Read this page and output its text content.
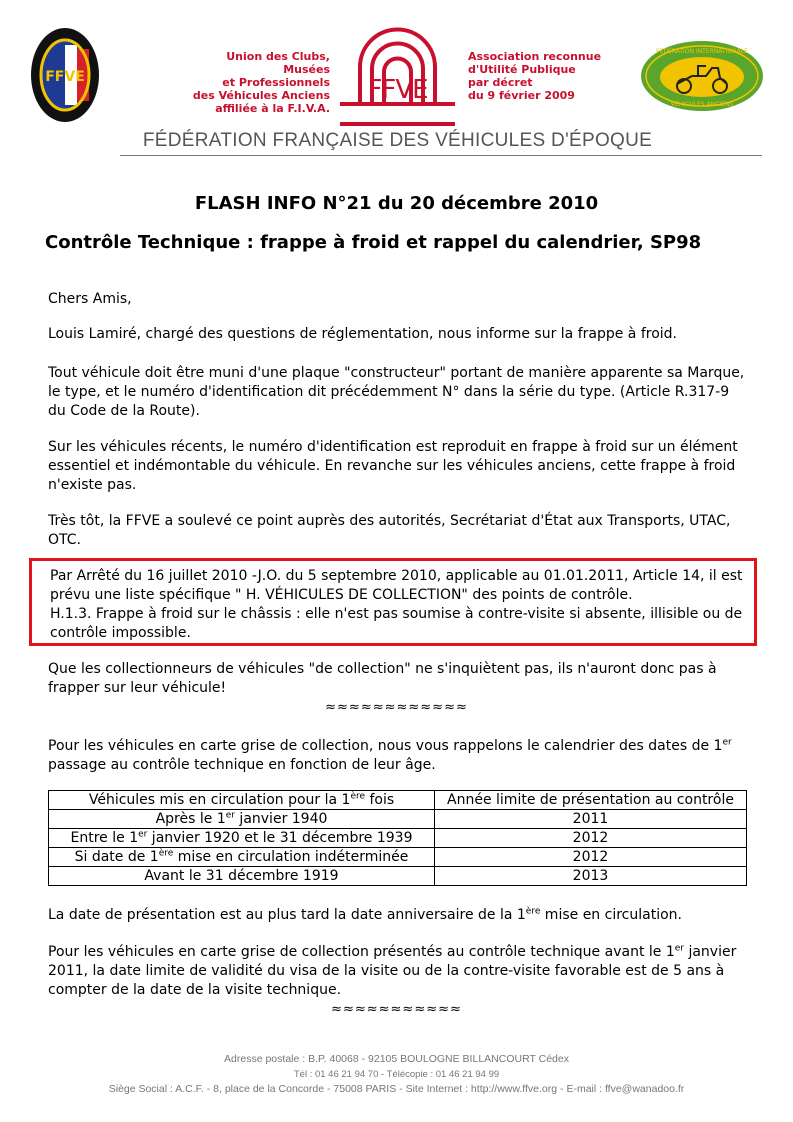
FFVE
Union des Clubs, Musées
et Professionnels
des Véhicules Anciens
affiliée à la F.I.V.A.
FFVE
Association reconnue
d'Utilité Publique
par décret
du 9 février 2009
FÉDÉRATION INTERNATIONALE
VÉHICULES ANCIENS
FÉDÉRATION FRANÇAISE DES VÉHICULES D'ÉPOQUE
FLASH INFO N°21 du 20 décembre 2010
Contrôle Technique : frappe à froid et rappel du calendrier, SP98

Chers Amis,

Louis Lamiré, chargé des questions de réglementation, nous informe sur la frappe à froid.

Tout véhicule doit être muni d'une plaque "constructeur" portant de manière apparente sa Marque, le type, et le numéro d'identification dit précédemment N° dans la série du type. (Article R.317-9 du Code de la Route).

Sur les véhicules récents, le numéro d'identification est reproduit en frappe à froid sur un élément essentiel et indémontable du véhicule. En revanche sur les véhicules anciens, cette frappe à froid n'existe pas.

Très tôt, la FFVE a soulevé ce point auprès des autorités, Secrétariat d'État aux Transports, UTAC, OTC.

Par Arrêté du 16 juillet 2010 -J.O. du 5 septembre 2010, applicable au 01.01.2011, Article 14, il est prévu une liste spécifique " H. VÉHICULES DE COLLECTION" des points de contrôle.
H.1.3. Frappe à froid sur le châssis : elle n'est pas soumise à contre-visite si absente, illisible ou de contrôle impossible.

Que les collectionneurs de véhicules "de collection" ne s'inquiètent pas, ils n'auront donc pas à frapper sur leur véhicule!

≈≈≈≈≈≈≈≈≈≈≈≈

Pour les véhicules en carte grise de collection, nous vous rappelons le calendrier des dates de 1er passage au contrôle technique en fonction de leur âge.

Véhicules mis en circulation pour la 1ère fois	Année limite de présentation au contrôle
Après le 1er janvier 1940	2011
Entre le 1er janvier 1920 et le 31 décembre 1939	2012
Si date de 1ère mise en circulation indéterminée	2012
Avant le 31 décembre 1919	2013

La date de présentation est au plus tard la date anniversaire de la 1ère mise en circulation.

Pour les véhicules en carte grise de collection présentés au contrôle technique avant le 1er janvier 2011, la date limite de validité du visa de la visite ou de la contre-visite favorable est de 5 ans à compter de la date de la visite technique.

≈≈≈≈≈≈≈≈≈≈≈
Adresse postale : B.P. 40068 - 92105 BOULOGNE BILLANCOURT Cédex
Tél : 01 46 21 94 70 - Télécopie : 01 46 21 94 99
Siège Social : A.C.F. - 8, place de la Concorde - 75008 PARIS - Site Internet : http://www.ffve.org - E-mail : ffve@wanadoo.fr
